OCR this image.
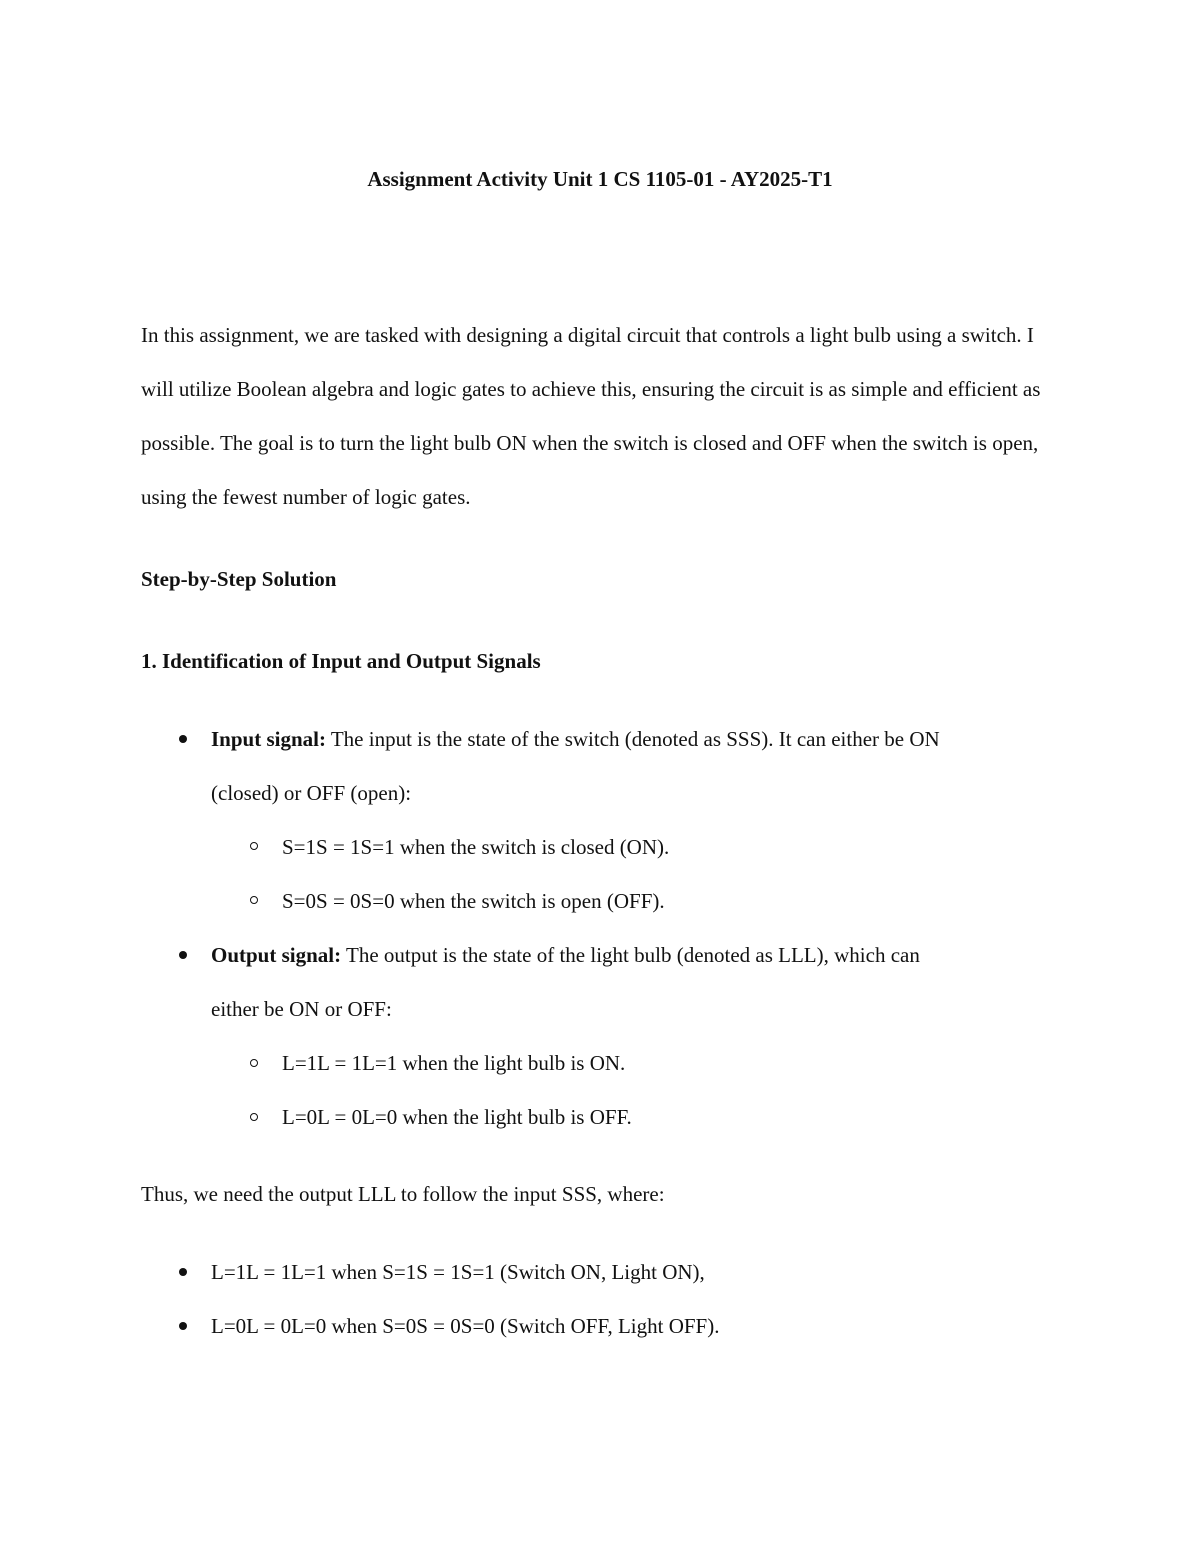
Assignment Activity Unit 1 CS 1105-01 - AY2025-T1
In this assignment, we are tasked with designing a digital circuit that controls a light bulb using a switch. I will utilize Boolean algebra and logic gates to achieve this, ensuring the circuit is as simple and efficient as possible. The goal is to turn the light bulb ON when the switch is closed and OFF when the switch is open, using the fewest number of logic gates.
Step-by-Step Solution
1. Identification of Input and Output Signals
Input signal: The input is the state of the switch (denoted as SSS). It can either be ON
(closed) or OFF (open):
S=1S = 1S=1 when the switch is closed (ON).
S=0S = 0S=0 when the switch is open (OFF).
Output signal: The output is the state of the light bulb (denoted as LLL), which can
either be ON or OFF:
L=1L = 1L=1 when the light bulb is ON.
L=0L = 0L=0 when the light bulb is OFF.
Thus, we need the output LLL to follow the input SSS, where:
L=1L = 1L=1 when S=1S = 1S=1 (Switch ON, Light ON),
L=0L = 0L=0 when S=0S = 0S=0 (Switch OFF, Light OFF).
